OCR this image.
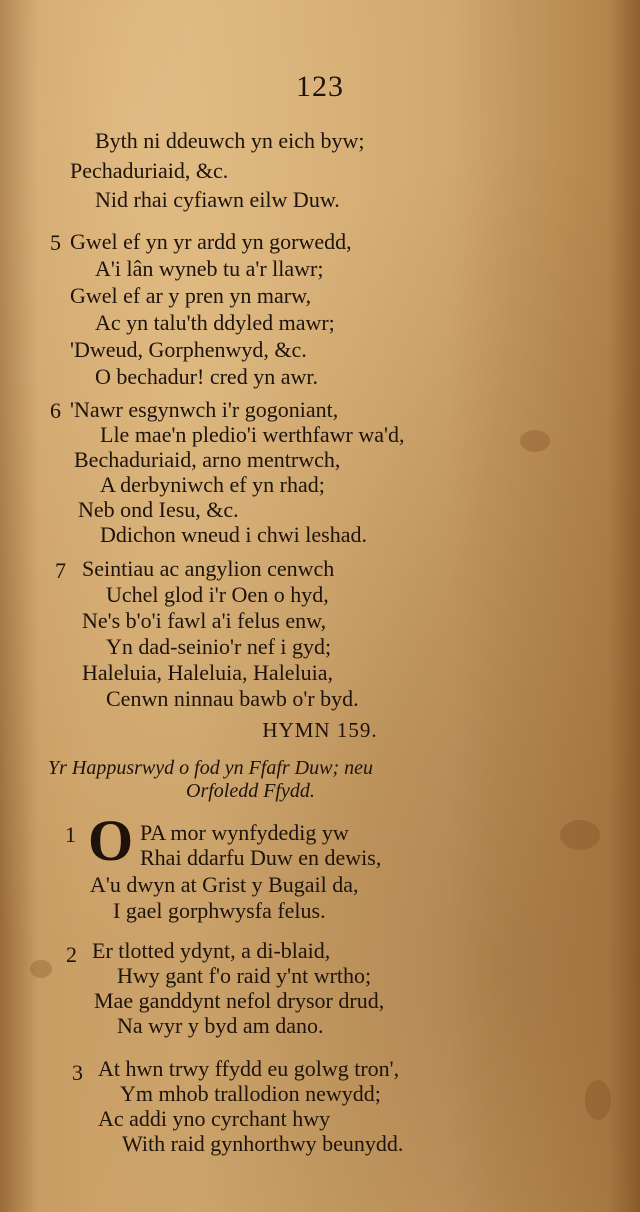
123
Byth ni ddeuwch yn eich byw;
Pechaduriaid, &c.
Nid rhai cyfiawn eilw Duw.
5 Gwel ef yn yr ardd yn gorwedd,
A'i lân wyneb tu a'r llawr;
Gwel ef ar y pren yn marw,
Ac yn talu'th ddyled mawr;
'Dweud, Gorphenwyd, &c.
O bechadur! cred yn awr.
6 'Nawr esgynwch i'r gogoniant,
Lle mae'n pledio'i werthfawr wa'd,
Bechaduriaid, arno mentrwch,
A derbyniwch ef yn rhad;
Neb ond Iesu, &c.
Ddichon wneud i chwi leshad.
7 Seintiau ac angylion cenwch
Uchel glod i'r Oen o hyd,
Ne's b'o'i fawl a'i felus enw,
Yn dad-seinio'r nef i gyd;
Haleluia, Haleluia, Haleluia,
Cenwn ninnau bawb o'r byd.
HYMN 159.
Yr Happusrwyd o fod yn Ffafr Duw; neu
Orfoledd Ffydd.
1 O PA mor wynfydedig yw
Rhai ddarfu Duw en dewis,
A'u dwyn at Grist y Bugail da,
I gael gorphwysfa felus.
2 Er tlotted ydynt, a di-blaid,
Hwy gant f'o raid y'nt wrtho;
Mae ganddynt nefol drysor drud,
Na wyr y byd am dano.
3 At hwn trwy ffydd eu golwg tron',
Ym mhob trallodion newydd;
Ac addi yno cyrchant hwy
With raid gynhorthwy beunydd.
